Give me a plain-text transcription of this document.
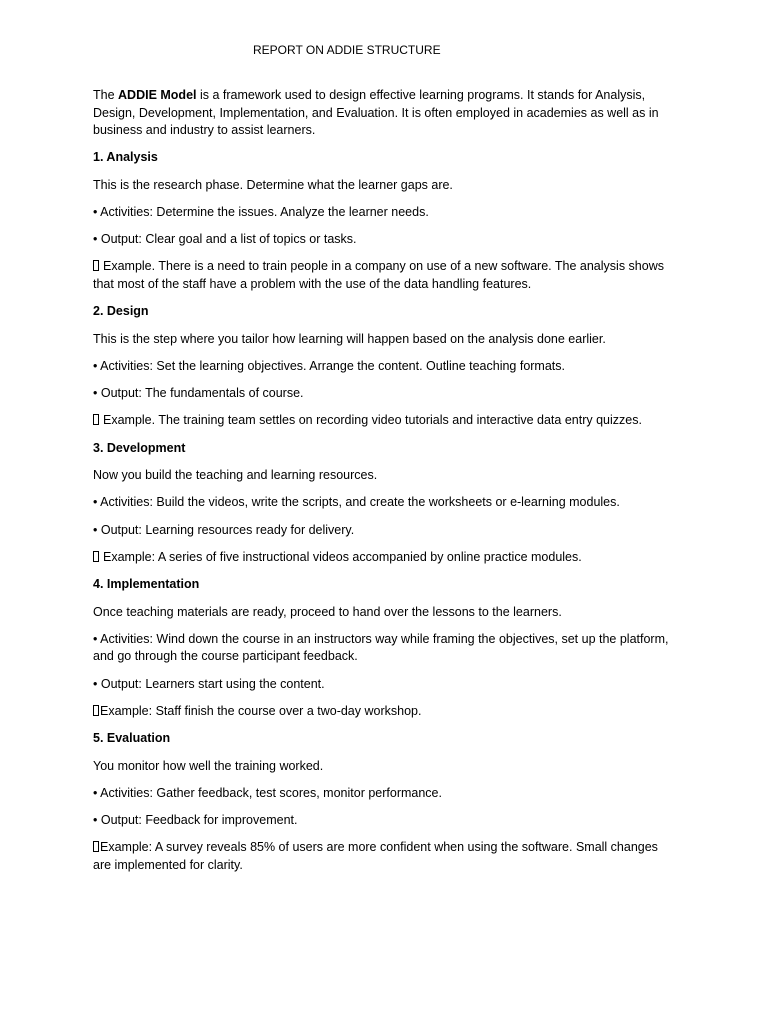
REPORT ON ADDIE STRUCTURE

The ADDIE Model is a framework used to design effective learning programs. It stands for Analysis, Design, Development, Implementation, and Evaluation. It is often employed in academies as well as in business and industry to assist learners.

1. Analysis

This is the research phase. Determine what the learner gaps are.

• Activities: Determine the issues. Analyze the learner needs.

• Output: Clear goal and a list of topics or tasks.

Example. There is a need to train people in a company on use of a new software. The analysis shows that most of the staff have a problem with the use of the data handling features.

2. Design

This is the step where you tailor how learning will happen based on the analysis done earlier.

• Activities: Set the learning objectives. Arrange the content. Outline teaching formats.

• Output: The fundamentals of course.

Example. The training team settles on recording video tutorials and interactive data entry quizzes.

3. Development

Now you build the teaching and learning resources.

• Activities: Build the videos, write the scripts, and create the worksheets or e-learning modules.

• Output: Learning resources ready for delivery.

Example: A series of five instructional videos accompanied by online practice modules.

4. Implementation

Once teaching materials are ready, proceed to hand over the lessons to the learners.

• Activities: Wind down the course in an instructors way while framing the objectives, set up the platform, and go through the course participant feedback.

• Output: Learners start using the content.

Example: Staff finish the course over a two-day workshop.

5. Evaluation

You monitor how well the training worked.

• Activities: Gather feedback, test scores, monitor performance.

• Output: Feedback for improvement.

Example: A survey reveals 85% of users are more confident when using the software. Small changes are implemented for clarity.
